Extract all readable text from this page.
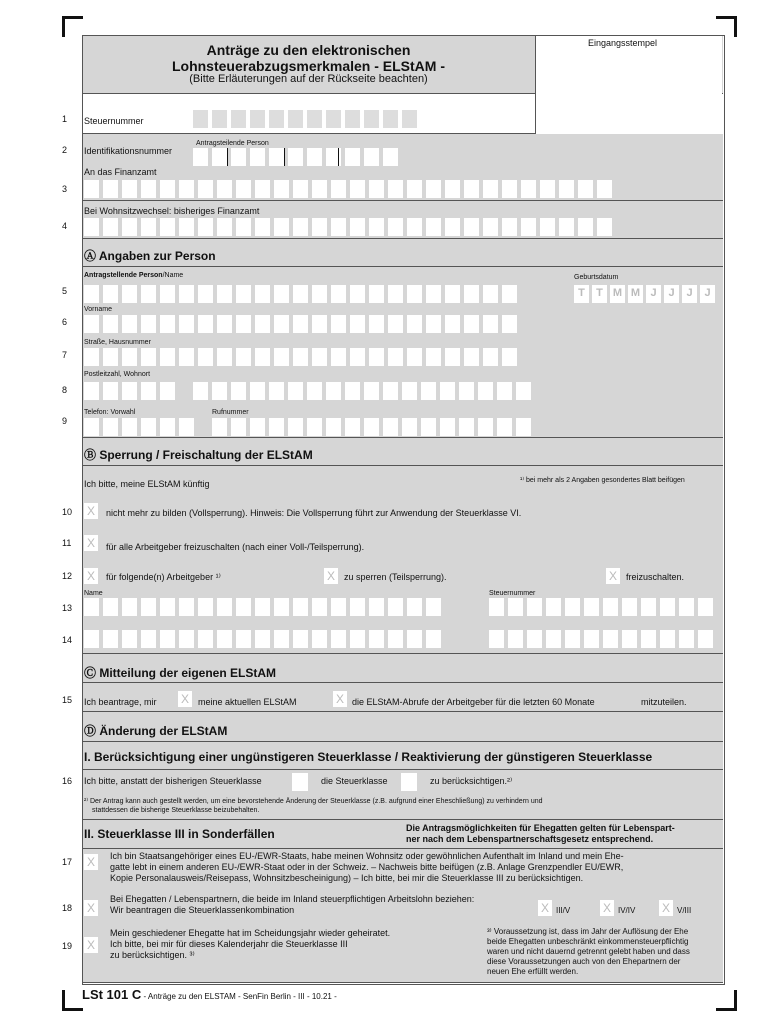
Anträge zu den elektronischen
Lohnsteuerabzugsmerkmalen - ELStAM -
(Bitte Erläuterungen auf der Rückseite beachten)
Eingangsstempel
1 Steuernummer
2 Identifikationsnummer
Antragsteilende Person
An das Finanzamt
3
Bei Wohnsitzwechsel: bisheriges Finanzamt
4
Ⓐ Angaben zur Person
Antragstellende Person/Name	Geburtsdatum
5	T	T M M J	J	J	J
Vorname
6
Straße, Hausnummer
7
Postleitzahl, Wohnort
8
Telefon: Vorwahl	Rufnummer
9
Ⓑ Sperrung / Freischaltung der ELStAM
Ich bitte, meine ELStAM künftig	¹⁾ bei mehr als 2 Angaben gesondertes Blatt beifügen
10 X	nicht mehr zu bilden (Vollsperrung). Hinweis: Die Vollsperrung führt zur Anwendung der Steuerklasse VI.
11 X	für alle Arbeitgeber freizuschalten (nach einer Voll-/Teilsperrung).
12 X	für folgende(n) Arbeitgeber ¹⁾	X	zu sperren (Teilsperrung).	X	freizuschalten.
Name	Steuernummer
13
14
Ⓒ Mitteilung der eigenen ELStAM
15 Ich beantrage, mir X	meine aktuellen ELStAM	X die ELStAM-Abrufe der Arbeitgeber für die letzten 60 Monate	mitzuteilen.
Ⓓ Änderung der ELStAM
I. Berücksichtigung einer ungünstigeren Steuerklasse / Reaktivierung der günstigeren Steuerklasse
16 Ich bitte, anstatt der bisherigen Steuerklasse	die Steuerklasse	zu berücksichtigen.²⁾
²⁾ Der Antrag kann auch gestellt werden, um eine bevorstehende Änderung der Steuerklasse (z.B. aufgrund einer Eheschließung) zu verhindern und
stattdessen die bisherige Steuerklasse beizubehalten.
II. Steuerklasse III in Sonderfällen	Die Antragsmöglichkeiten für Ehegatten gelten für Lebenspart-
ner nach dem Lebenspartnerschaftsgesetz entsprechend.
17 X	Ich bin Staatsangehöriger eines EU-/EWR-Staats, habe meinen Wohnsitz oder gewöhnlichen Aufenthalt im Inland und mein Ehe-
gatte lebt in einem anderen EU-/EWR-Staat oder in der Schweiz. – Nachweis bitte beifügen (z.B. Anlage Grenzpendler EU/EWR,
Kopie Personalausweis/Reisepass, Wohnsitzbescheinigung) – Ich bitte, bei mir die Steuerklasse III zu berücksichtigen.
18 X
Bei Ehegatten / Lebenspartnern, die beide im Inland steuerpflichtigen Arbeitslohn beziehen:
Wir beantragen die Steuerklassenkombination	X III/V	X IV/IV X V/III
19 X
Mein geschiedener Ehegatte hat im Scheidungsjahr wieder geheiratet.
Ich bitte, bei mir für dieses Kalenderjahr die Steuerklasse III
zu berücksichtigen. ³⁾
³⁾ Voraussetzung ist, dass im Jahr der Auflösung der Ehe
beide Ehegatten unbeschränkt einkommensteuerpflichtig
waren und nicht dauernd getrennt gelebt haben und dass
diese Voraussetzungen auch von den Ehepartnern der
neuen Ehe erfüllt werden.
LSt 101 C - Anträge zu den ELSTAM - SenFin Berlin - III - 10.21 -
